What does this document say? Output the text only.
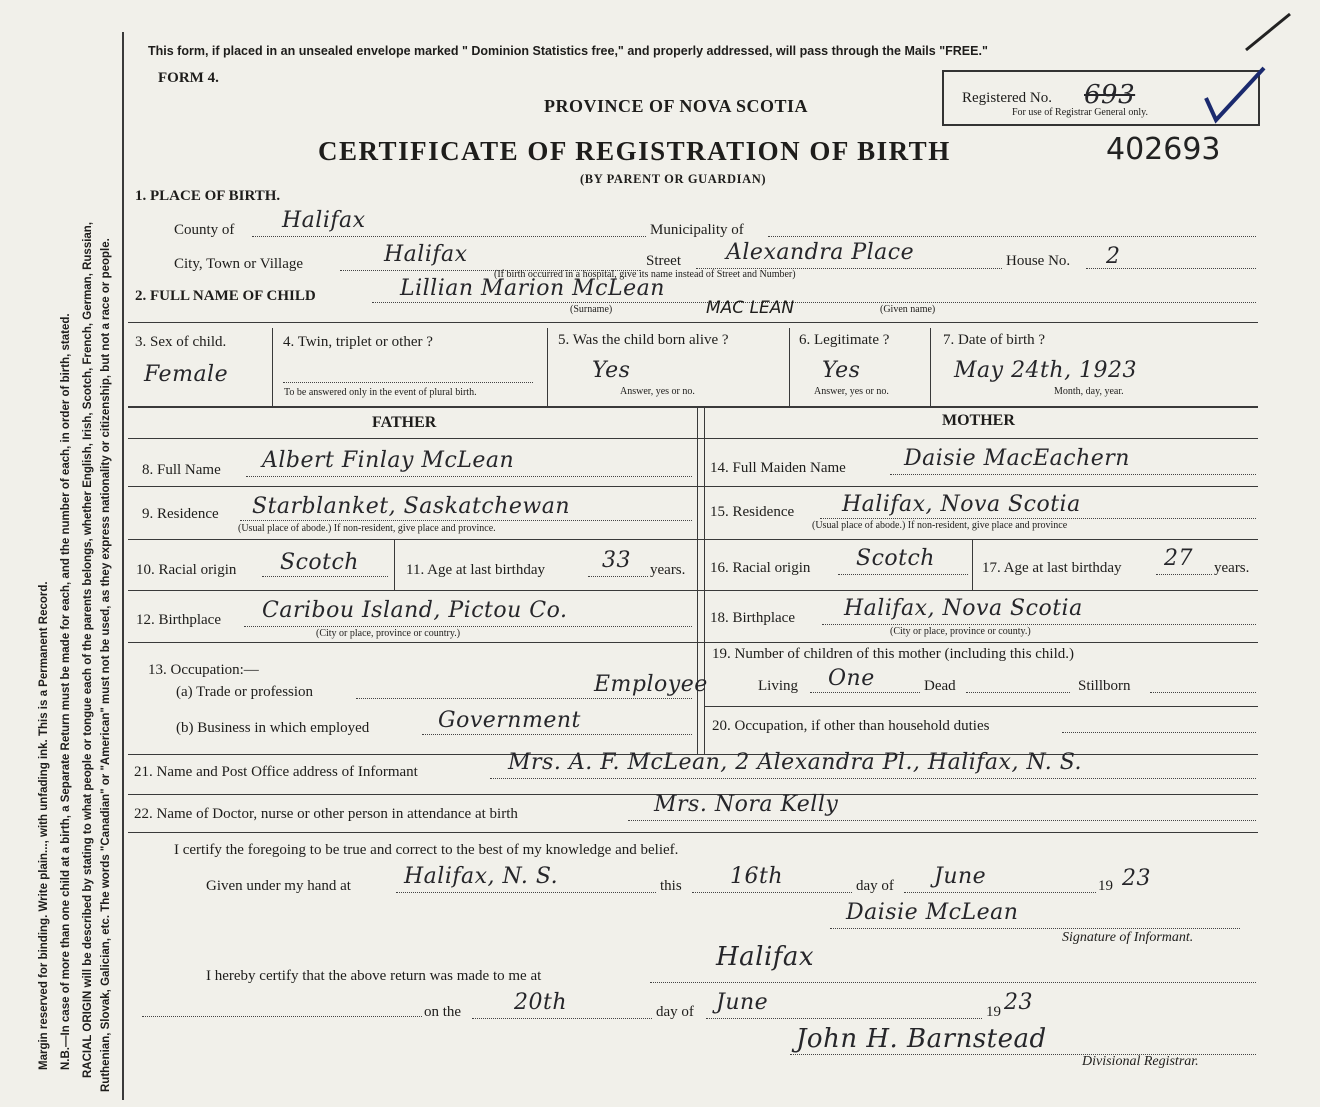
Margin reserved for binding. Write plain..., with unfading ink. This is a Permanent Record. N.B.—In case of more than one child at a birth, a Separate Return must be made for each, and the number of each, in order of birth, stated. RACIAL ORIGIN will be described by stating to what people or tongue each of the parents belongs, whether English, Irish, Scotch, French, German, Russian, Ruthenian, Slovak, Galician, etc. The words "Canadian" or "American" must not be used, as they express nationality or citizenship, but not a race or people.
This form, if placed in an unsealed envelope marked " Dominion Statistics free," and properly addressed, will pass through the Mails "FREE."
FORM 4.
PROVINCE OF NOVA SCOTIA
CERTIFICATE OF REGISTRATION OF BIRTH	402693
(BY PARENT OR GUARDIAN)
Registered No. 693
For use of Registrar General only.
1. PLACE OF BIRTH.
County of Halifax	Municipality of
City, Town or Village	Halifax	Street Alexandra Place	House No. 2
(If birth occurred in a hospital, give its name instead of Street and Number)
2. FULL NAME OF CHILD	Lillian Marion McLean
(Surname)	MAC LEAN	(Given name)
3. Sex of child.
Female
4. Twin, triplet or other ?
To be answered only in the event of plural birth.
5. Was the child born alive ?
Yes
Answer, yes or no.
6. Legitimate ?
Yes
Answer, yes or no.
7. Date of birth ?
May 24th, 1923
Month, day, year.
FATHER	MOTHER
8. Full Name Albert Finlay McLean	14. Full Maiden Name	Daisie MacEachern
9. Residence Starblanket, Saskatchewan
(Usual place of abode.) If non-resident, give place and province.
15. Residence Halifax, Nova Scotia
(Usual place of abode.) If non-resident, give place and province
10. Racial origin Scotch	11. Age at last birthday	33 years. 16. Racial origin Scotch	17. Age at last birthday 27 years.
12. Birthplace Caribou Island, Pictou Co.
(City or place, province or country.)
18. Birthplace Halifax, Nova Scotia
(City or place, province or county.)
13. Occupation:—
(a) Trade or profession	Employee
(b) Business in which employed	Government
19. Number of children of this mother (including this child.)
Living One	Dead	Stillborn
20. Occupation, if other than household duties
21. Name and Post Office address of Informant	Mrs. A. F. McLean, 2 Alexandra Pl., Halifax, N. S.
22. Name of Doctor, nurse or other person in attendance at birth	Mrs. Nora Kelly
I certify the foregoing to be true and correct to the best of my knowledge and belief.
Given under my hand at Halifax, N. S.	this 16th	day of June	19 23
Daisie McLean
Signature of Informant.
Halifax
I hereby certify that the above return was made to me at
on the 20th	day of June	19 23
John H. Barnstead
Divisional Registrar.
